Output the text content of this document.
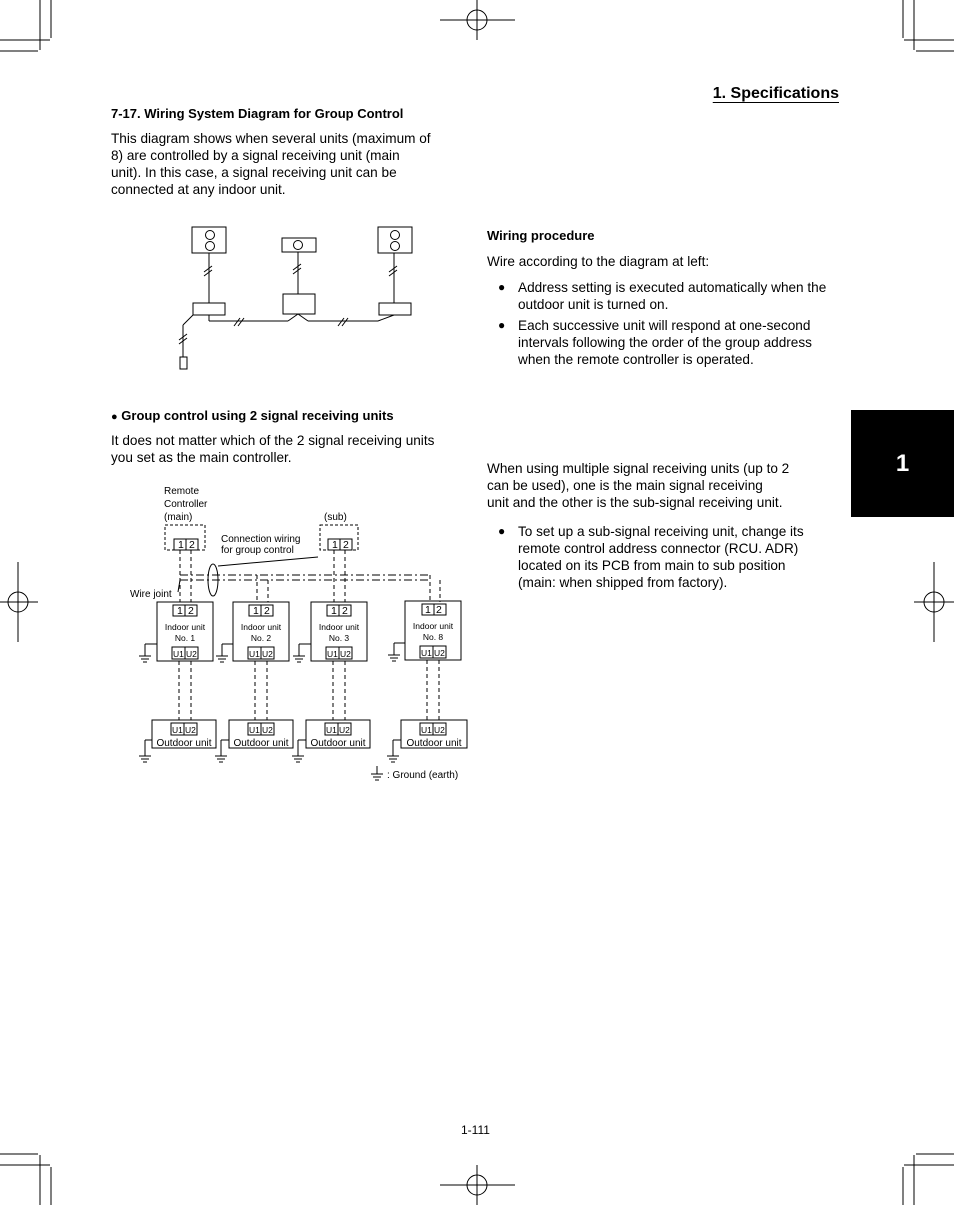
1. Specifications
7-17. Wiring System Diagram for Group Control
This diagram shows when several units (maximum of
8) are controlled by a signal receiving unit (main
unit). In this case, a signal receiving unit can be
connected at any indoor unit.
Wiring procedure
Wire according to the diagram at left:
● Address setting is executed automatically when the
outdoor unit is turned on.
● Each successive unit will respond at one-second
intervals following the order of the group address
when the remote controller is operated.
● Group control using 2 signal receiving units
It does not matter which of the 2 signal receiving units
you set as the main controller.	1
When using multiple signal receiving units (up to 2
can be used), one is the main signal receiving
unit and the other is the sub-signal receiving unit.
● To set up a sub-signal receiving unit, change its
remote control address connector (RCU. ADR)
located on its PCB from main to sub position
(main: when shipped from factory).
Remote
Controller
(main)	(sub)
Connection wiring
for group control
Wire joint
1 2	1 2
1 2	1 2	1 2	1 2
U1 U2	U1 U2	U1 U2	U1 U2
U1 U2	U1 U2	U1 U2	U1 U2
Indoor unit
No. 1
Indoor unit
No. 2
Indoor unit
No. 3
Indoor unit
No. 8
Outdoor unit Outdoor unit Outdoor unit	Outdoor unit
: Ground (earth)
1-111
